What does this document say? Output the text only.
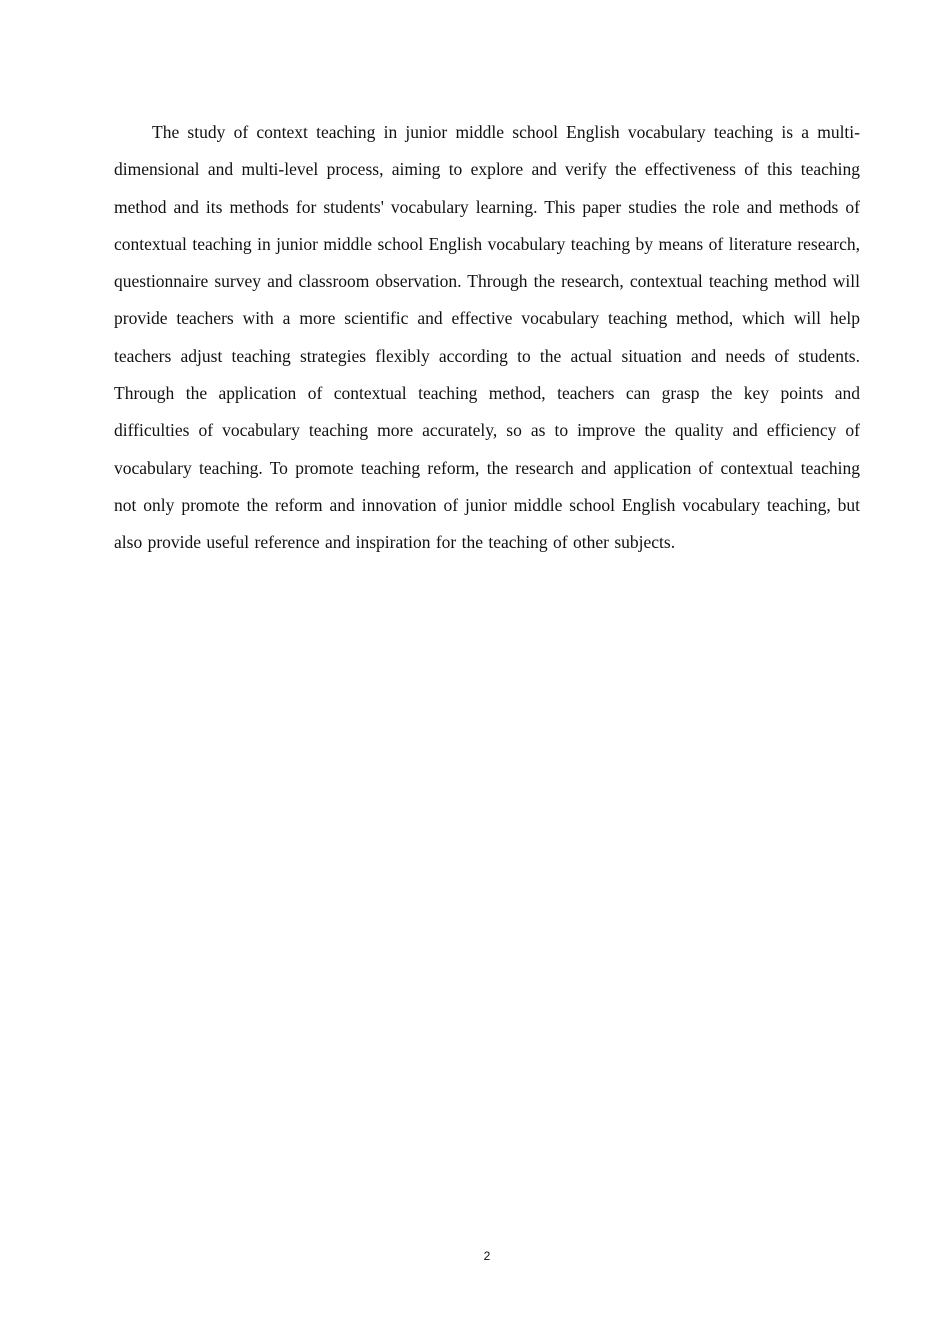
The study of context teaching in junior middle school English vocabulary teaching is a multi-dimensional and multi-level process, aiming to explore and verify the effectiveness of this teaching method and its methods for students' vocabulary learning. This paper studies the role and methods of contextual teaching in junior middle school English vocabulary teaching by means of literature research, questionnaire survey and classroom observation. Through the research, contextual teaching method will provide teachers with a more scientific and effective vocabulary teaching method, which will help teachers adjust teaching strategies flexibly according to the actual situation and needs of students. Through the application of contextual teaching method, teachers can grasp the key points and difficulties of vocabulary teaching more accurately, so as to improve the quality and efficiency of vocabulary teaching. To promote teaching reform, the research and application of contextual teaching not only promote the reform and innovation of junior middle school English vocabulary teaching, but also provide useful reference and inspiration for the teaching of other subjects.

2
